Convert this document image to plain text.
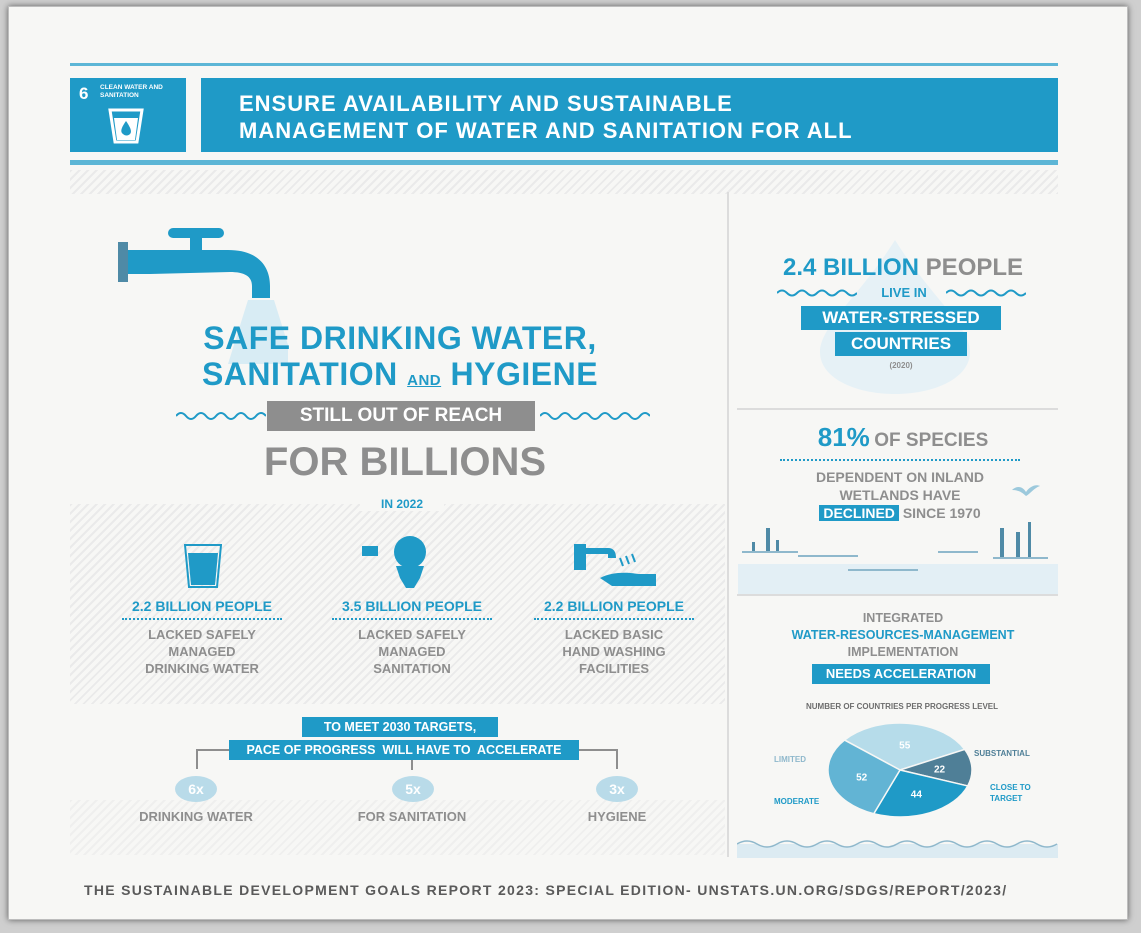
6 CLEAN WATER AND SANITATION	ENSURE AVAILABILITY AND SUSTAINABLE
MANAGEMENT OF WATER AND SANITATION FOR ALL
SAFE DRINKING WATER,
SANITATION AND HYGIENE
STILL OUT OF REACH
FOR BILLIONS
IN 2022
2.2 BILLION PEOPLE
LACKED SAFELY
MANAGED
DRINKING WATER
3.5 BILLION PEOPLE
LACKED SAFELY
MANAGED
SANITATION
2.2 BILLION PEOPLE
LACKED BASIC
HAND WASHING
FACILITIES
TO MEET 2030 TARGETS,
PACE OF PROGRESS  WILL HAVE TO  ACCELERATE
6x	5x	3x
DRINKING WATER	FOR SANITATION	HYGIENE
2.4 BILLION PEOPLE
LIVE IN
WATER-STRESSED
COUNTRIES
(2020)
81% OF SPECIES
DEPENDENT ON INLAND
WETLANDS HAVE
DECLINED SINCE 1970
INTEGRATED
WATER-RESOURCES-MANAGEMENT
IMPLEMENTATION
NEEDS ACCELERATION
NUMBER OF COUNTRIES PER PROGRESS LEVEL
55
LIMITED
22
SUBSTANTIAL
44
CLOSE TO
TARGET
52
MODERATE
THE SUSTAINABLE DEVELOPMENT GOALS REPORT 2023: SPECIAL EDITION- UNSTATS.UN.ORG/SDGS/REPORT/2023/
